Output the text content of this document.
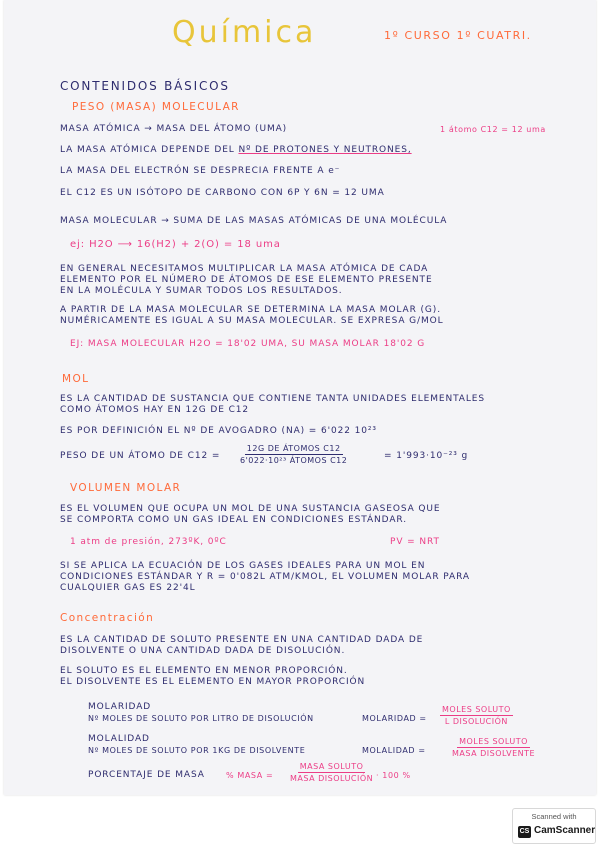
Química	1º CURSO 1º CUATRI.
CONTENIDOS BÁSICOS
PESO (MASA) MOLECULAR
MASA ATÓMICA → MASA DEL ÁTOMO (UMA)	1 átomo C12 = 12 uma
LA MASA ATÓMICA DEPENDE DEL Nº DE PROTONES Y NEUTRONES,
LA MASA DEL ELECTRÓN SE DESPRECIA FRENTE A e⁻
EL C12 ES UN ISÓTOPO DE CARBONO CON 6P Y 6N = 12 UMA
MASA MOLECULAR → SUMA DE LAS MASAS ATÓMICAS DE UNA MOLÉCULA
ej: H2O ⟶ 16(H2) + 2(O) = 18 uma
EN GENERAL NECESITAMOS MULTIPLICAR LA MASA ATÓMICA DE CADA
ELEMENTO POR EL NÚMERO DE ÁTOMOS DE ESE ELEMENTO PRESENTE
EN LA MOLÉCULA Y SUMAR TODOS LOS RESULTADOS.
A PARTIR DE LA MASA MOLECULAR SE DETERMINA LA MASA MOLAR (G).
NUMÉRICAMENTE ES IGUAL A SU MASA MOLECULAR. SE EXPRESA G/MOL
EJ: MASA MOLECULAR H2O = 18'02 UMA, SU MASA MOLAR 18'02 G
MOL
ES LA CANTIDAD DE SUSTANCIA QUE CONTIENE TANTA UNIDADES ELEMENTALES
COMO ÁTOMOS HAY EN 12G DE C12
ES POR DEFINICIÓN EL Nº DE AVOGADRO (NA) = 6'022 10²³
PESO DE UN ÁTOMO DE C12 =
12G DE ÁTOMOS C12
6'022·10²³ ÁTOMOS C12	= 1'993·10⁻²³ g
VOLUMEN MOLAR
ES EL VOLUMEN QUE OCUPA UN MOL DE UNA SUSTANCIA GASEOSA QUE
SE COMPORTA COMO UN GAS IDEAL EN CONDICIONES ESTÁNDAR.
1 atm de presión, 273ºK, 0ºC	PV = NRT
SI SE APLICA LA ECUACIÓN DE LOS GASES IDEALES PARA UN MOL EN
CONDICIONES ESTÁNDAR Y R = 0'082L ATM/KMOL, EL VOLUMEN MOLAR PARA
CUALQUIER GAS ES 22'4L
Concentración
ES LA CANTIDAD DE SOLUTO PRESENTE EN UNA CANTIDAD DADA DE
DISOLVENTE O UNA CANTIDAD DADA DE DISOLUCIÓN.
EL SOLUTO ES EL ELEMENTO EN MENOR PROPORCIÓN.
EL DISOLVENTE ES EL ELEMENTO EN MAYOR PROPORCIÓN
MOLARIDAD
Nº MOLES DE SOLUTO POR LITRO DE DISOLUCIÓN	MOLARIDAD =
MOLES SOLUTO
L DISOLUCIÓN
MOLALIDAD
Nº MOLES DE SOLUTO POR 1KG DE DISOLVENTE	MOLALIDAD =
MOLES SOLUTO
MASA DISOLVENTE
PORCENTAJE DE MASA	% MASA =
MASA SOLUTO
MASA DISOLUCIÓN · 100 %
Scanned with
CS CamScanner
